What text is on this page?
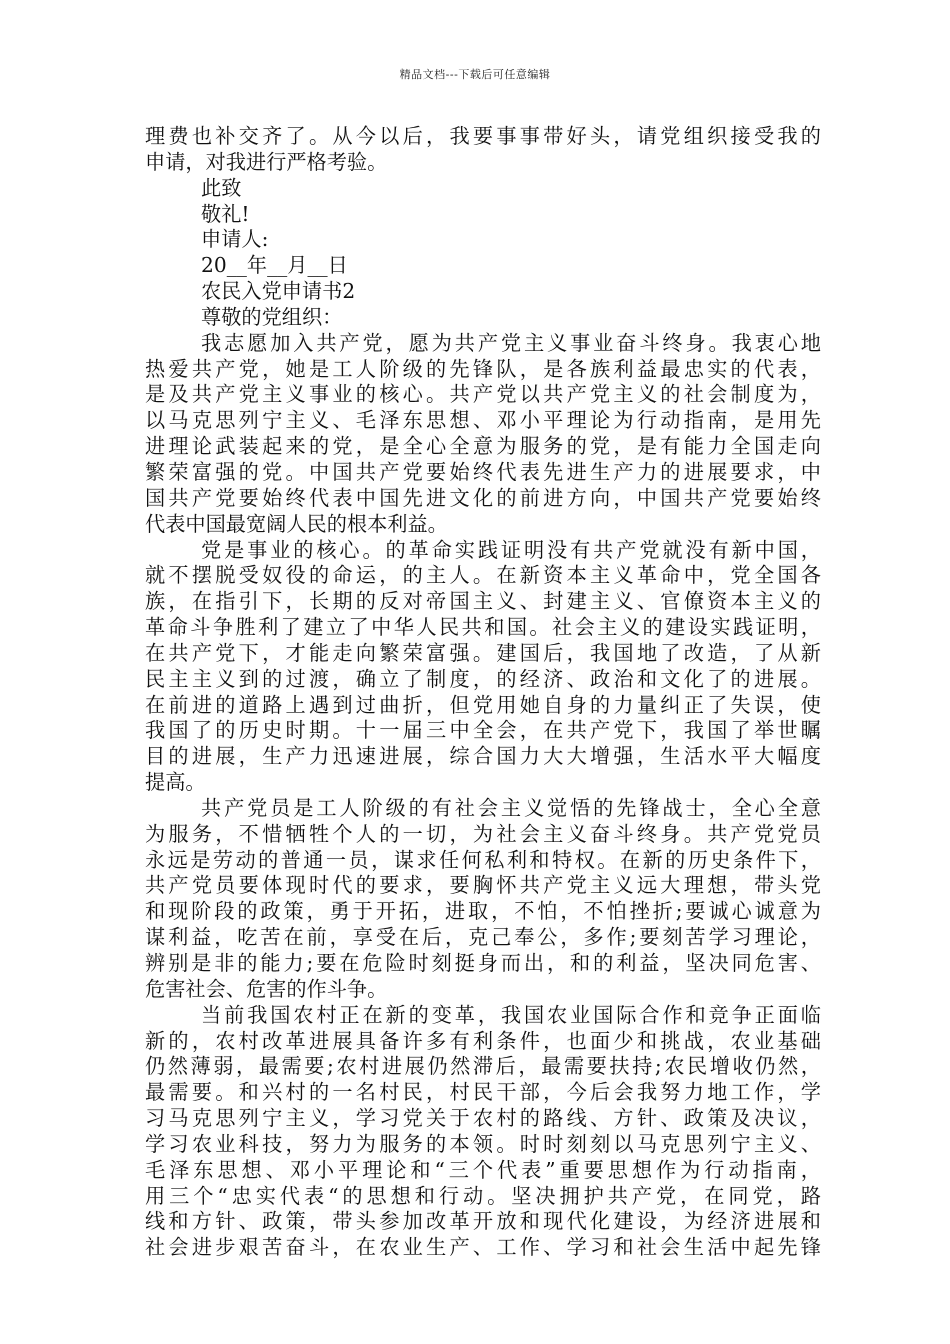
精品文档---下载后可任意编辑
理费也补交齐了。从今以后，我要事事带好头，请党组织接受我的
申请，对我进行严格考验。
此致
敬礼!
申请人:
20__年__月__日
农民入党申请书2
尊敬的党组织：
我志愿加入共产党，愿为共产党主义事业奋斗终身。我衷心地
热爱共产党，她是工人阶级的先锋队，是各族利益最忠实的代表，
是及共产党主义事业的核心。共产党以共产党主义的社会制度为，
以马克思列宁主义、毛泽东思想、邓小平理论为行动指南，是用先
进理论武装起来的党，是全心全意为服务的党，是有能力全国走向
繁荣富强的党。中国共产党要始终代表先进生产力的进展要求，中
国共产党要始终代表中国先进文化的前进方向，中国共产党要始终
代表中国最宽阔人民的根本利益。
党是事业的核心。的革命实践证明没有共产党就没有新中国，
就不摆脱受奴役的命运，的主人。在新资本主义革命中，党全国各
族，在指引下，长期的反对帝国主义、封建主义、官僚资本主义的
革命斗争胜利了建立了中华人民共和国。社会主义的建设实践证明，
在共产党下，才能走向繁荣富强。建国后，我国地了改造，了从新
民主主义到的过渡，确立了制度，的经济、政治和文化了的进展。
在前进的道路上遇到过曲折，但党用她自身的力量纠正了失误，使
我国了的历史时期。十一届三中全会，在共产党下，我国了举世瞩
目的进展，生产力迅速进展，综合国力大大增强，生活水平大幅度
提高。
共产党员是工人阶级的有社会主义觉悟的先锋战士，全心全意
为服务，不惜牺牲个人的一切，为社会主义奋斗终身。共产党党员
永远是劳动的普通一员，谋求任何私利和特权。在新的历史条件下，
共产党员要体现时代的要求，要胸怀共产党主义远大理想，带头党
和现阶段的政策，勇于开拓，进取，不怕，不怕挫折;要诚心诚意为
谋利益，吃苦在前，享受在后，克己奉公，多作;要刻苦学习理论，
辨别是非的能力;要在危险时刻挺身而出，和的利益，坚决同危害、
危害社会、危害的作斗争。
当前我国农村正在新的变革，我国农业国际合作和竞争正面临
新的，农村改革进展具备许多有利条件，也面少和挑战，农业基础
仍然薄弱，最需要;农村进展仍然滞后，最需要扶持;农民增收仍然，
最需要。和兴村的一名村民，村民干部，今后会我努力地工作，学
习马克思列宁主义，学习党关于农村的路线、方针、政策及决议，
学习农业科技，努力为服务的本领。时时刻刻以马克思列宁主义、
毛泽东思想、邓小平理论和“三个代表”重要思想作为行动指南，
用三个“忠实代表“的思想和行动。坚决拥护共产党，在同党，路
线和方针、政策，带头参加改革开放和现代化建设，为经济进展和
社会进步艰苦奋斗，在农业生产、工作、学习和社会生活中起先锋
